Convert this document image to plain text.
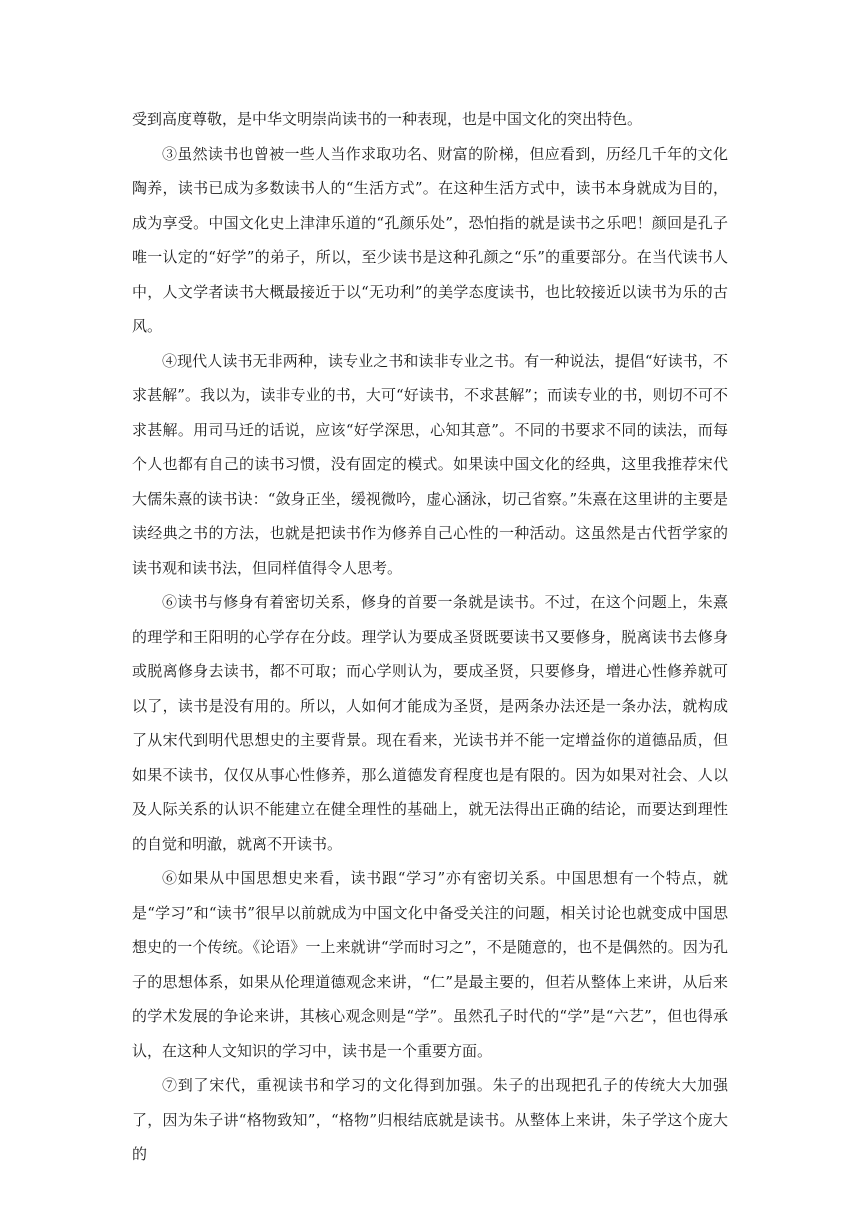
受到高度尊敬，是中华文明崇尚读书的一种表现，也是中国文化的突出特色。

③虽然读书也曾被一些人当作求取功名、财富的阶梯，但应看到，历经几千年的文化陶养，读书已成为多数读书人的“生活方式”。在这种生活方式中，读书本身就成为目的，成为享受。中国文化史上津津乐道的“孔颜乐处”，恐怕指的就是读书之乐吧！颜回是孔子唯一认定的“好学”的弟子，所以，至少读书是这种孔颜之“乐”的重要部分。在当代读书人中，人文学者读书大概最接近于以“无功利”的美学态度读书，也比较接近以读书为乐的古风。

④现代人读书无非两种，读专业之书和读非专业之书。有一种说法，提倡“好读书，不求甚解”。我以为，读非专业的书，大可“好读书，不求甚解”；而读专业的书，则切不可不求甚解。用司马迁的话说，应该“好学深思，心知其意”。不同的书要求不同的读法，而每个人也都有自己的读书习惯，没有固定的模式。如果读中国文化的经典，这里我推荐宋代大儒朱熹的读书诀：“敛身正坐，缓视微吟，虚心涵泳，切己省察。”朱熹在这里讲的主要是读经典之书的方法，也就是把读书作为修养自己心性的一种活动。这虽然是古代哲学家的读书观和读书法，但同样值得令人思考。

⑥读书与修身有着密切关系，修身的首要一条就是读书。不过，在这个问题上，朱熹的理学和王阳明的心学存在分歧。理学认为要成圣贤既要读书又要修身，脱离读书去修身或脱离修身去读书，都不可取；而心学则认为，要成圣贤，只要修身，增进心性修养就可以了，读书是没有用的。所以，人如何才能成为圣贤，是两条办法还是一条办法，就构成了从宋代到明代思想史的主要背景。现在看来，光读书并不能一定增益你的道德品质，但如果不读书，仅仅从事心性修养，那么道德发育程度也是有限的。因为如果对社会、人以及人际关系的认识不能建立在健全理性的基础上，就无法得出正确的结论，而要达到理性的自觉和明澈，就离不开读书。

⑥如果从中国思想史来看，读书跟“学习”亦有密切关系。中国思想有一个特点，就是“学习”和“读书”很早以前就成为中国文化中备受关注的问题，相关讨论也就变成中国思想史的一个传统。《论语》一上来就讲“学而时习之”，不是随意的，也不是偶然的。因为孔子的思想体系，如果从伦理道德观念来讲，“仁”是最主要的，但若从整体上来讲，从后来的学术发展的争论来讲，其核心观念则是“学”。虽然孔子时代的“学”是“六艺”，但也得承认，在这种人文知识的学习中，读书是一个重要方面。

⑦到了宋代，重视读书和学习的文化得到加强。朱子的出现把孔子的传统大大加强了，因为朱子讲“格物致知”，“格物”归根结底就是读书。从整体上来讲，朱子学这个庞大的
